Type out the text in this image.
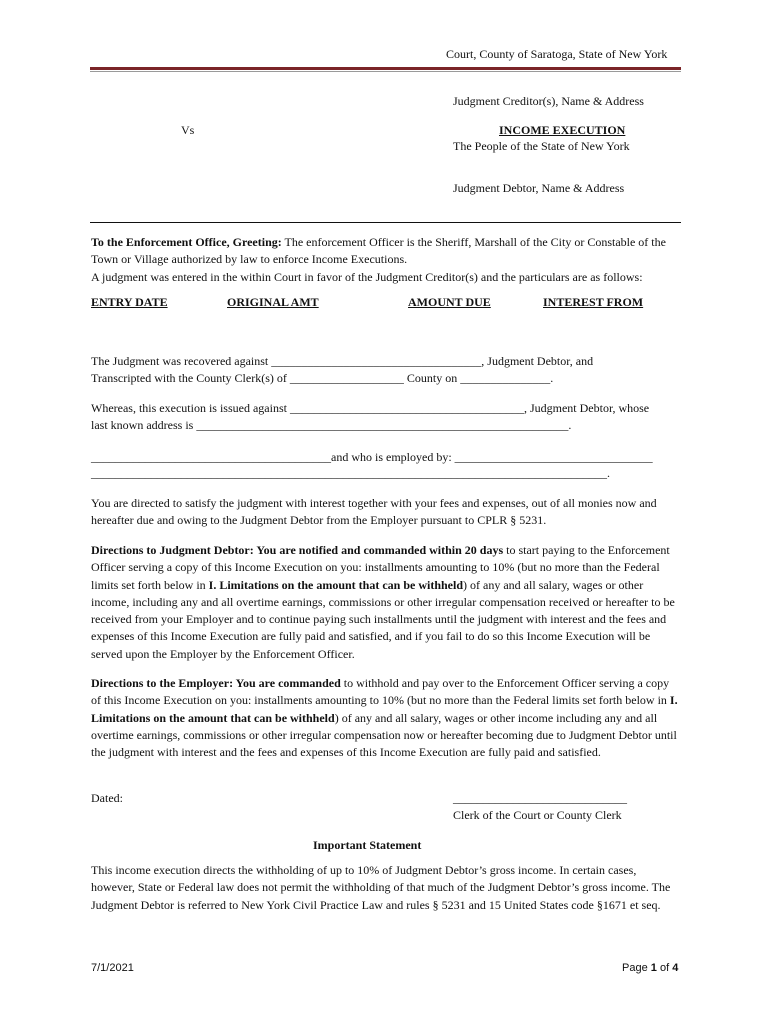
Court, County of Saratoga, State of New York
Judgment Creditor(s), Name & Address
Vs	INCOME EXECUTION
The People of the State of New York
Judgment Debtor, Name & Address
To the Enforcement Office, Greeting: The enforcement Officer is the Sheriff, Marshall of the City or Constable of the Town or Village authorized by law to enforce Income Executions.
A judgment was entered in the within Court in favor of the Judgment Creditor(s) and the particulars are as follows:
ENTRY DATE	ORIGINAL AMT	AMOUNT DUE	INTEREST FROM
The Judgment was recovered against ___________________________________, Judgment Debtor, and
Transcripted with the County Clerk(s) of ___________________ County on _______________.
Whereas, this execution is issued against _______________________________________, Judgment Debtor, whose
last known address is ______________________________________________________________.
________________________________________and who is employed by: _________________________________
______________________________________________________________________________________.
You are directed to satisfy the judgment with interest together with your fees and expenses, out of all monies now and hereafter due and owing to the Judgment Debtor from the Employer pursuant to CPLR § 5231.
Directions to Judgment Debtor: You are notified and commanded within 20 days to start paying to the Enforcement Officer serving a copy of this Income Execution on you: installments amounting to 10% (but no more than the Federal limits set forth below in I. Limitations on the amount that can be withheld) of any and all salary, wages or other income, including any and all overtime earnings, commissions or other irregular compensation received or hereafter to be received from your Employer and to continue paying such installments until the judgment with interest and the fees and expenses of this Income Execution are fully paid and satisfied, and if you fail to do so this Income Execution will be served upon the Employer by the Enforcement Officer.
Directions to the Employer: You are commanded to withhold and pay over to the Enforcement Officer serving a copy of this Income Execution on you: installments amounting to 10% (but no more than the Federal limits set forth below in I. Limitations on the amount that can be withheld) of any and all salary, wages or other income including any and all overtime earnings, commissions or other irregular compensation now or hereafter becoming due to Judgment Debtor until the judgment with interest and the fees and expenses of this Income Execution are fully paid and satisfied.
Dated:	_____________________________
Clerk of the Court or County Clerk
Important Statement
This income execution directs the withholding of up to 10% of Judgment Debtor’s gross income. In certain cases, however, State or Federal law does not permit the withholding of that much of the Judgment Debtor’s gross income. The Judgment Debtor is referred to New York Civil Practice Law and rules § 5231 and 15 United States code §1671 et seq.
7/1/2021	Page 1 of 4
